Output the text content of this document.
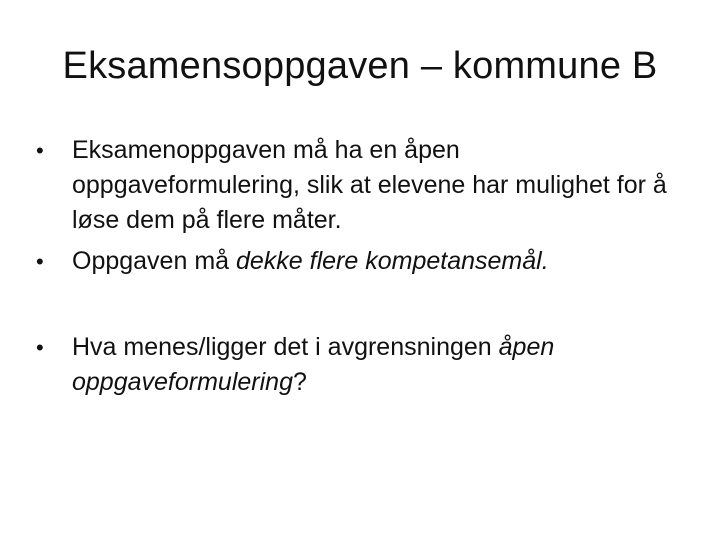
Eksamensoppgaven – kommune B
•	Eksamenoppgaven må ha en åpen oppgaveformulering, slik at elevene har mulighet for å løse dem på flere måter.
•	Oppgaven må dekke flere kompetansemål.
•	Hva menes/ligger det i avgrensningen åpen oppgaveformulering?
